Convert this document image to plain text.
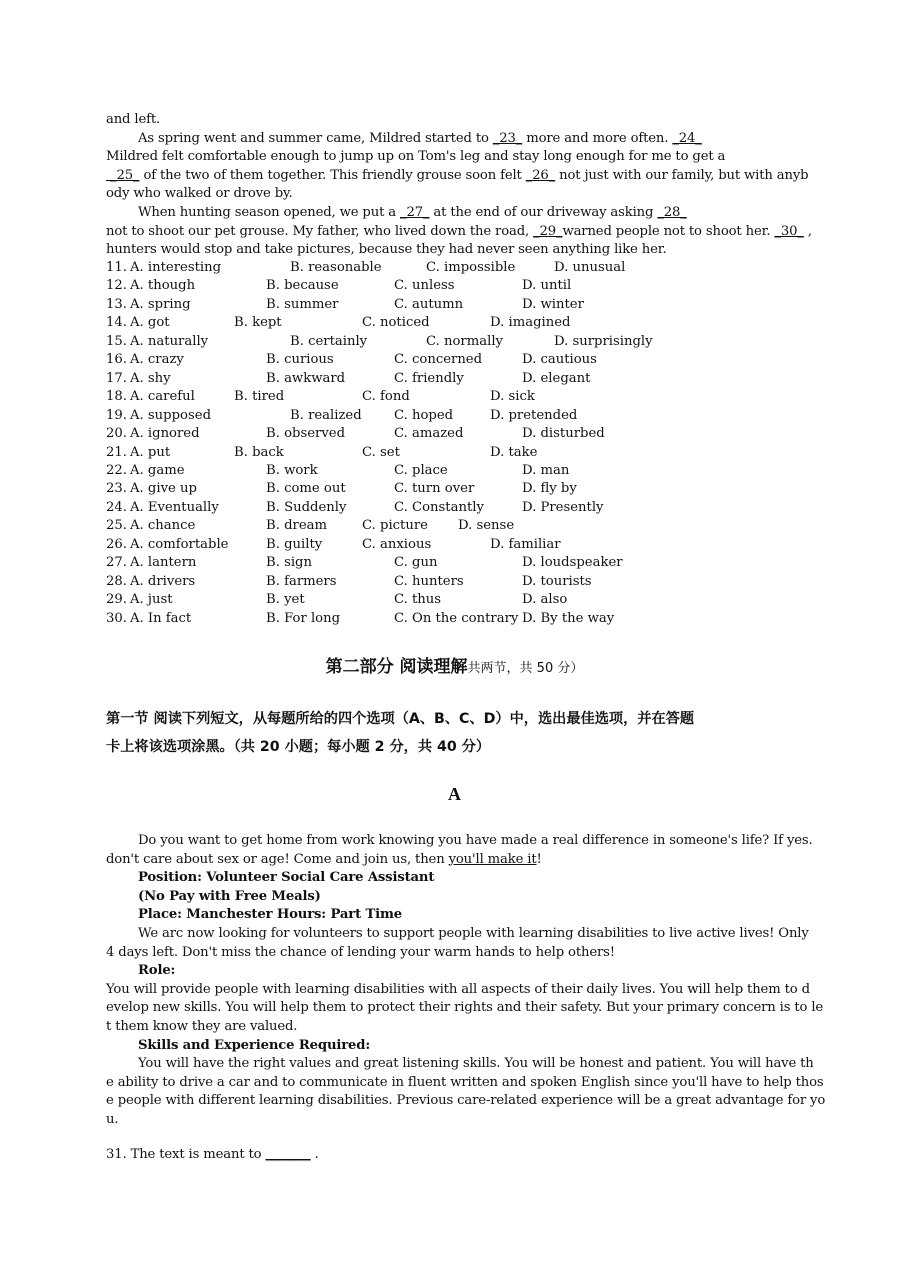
and left.
As spring went and summer came, Mildred started to _23_ more and more often. _24_
Mildred felt comfortable enough to jump up on Tom's leg and stay long enough for me to get a
_25_ of the two of them together. This friendly grouse soon felt _26_ not just with our family, but with anyb
ody who walked or drove by.
When hunting season opened, we put a _27_ at the end of our driveway asking _28_
not to shoot our pet grouse. My father, who lived down the road, _29_warned people not to shoot her. _30_ ,
hunters would stop and take pictures, because they had never seen anything like her.
11. A. interesting	B. reasonable	C. impossible	D. unusual
12. A. though	B. because	C. unless	D. until
13. A. spring	B. summer	C. autumn	D. winter
14. A. got	B. kept	C. noticed	D. imagined
15. A. naturally	B. certainly	C. normally	D. surprisingly
16. A. crazy	B. curious	C. concerned	D. cautious
17. A. shy	B. awkward	C. friendly	D. elegant
18. A. careful	B. tired	C. fond	D. sick
19. A. supposed	B. realized C. hoped	D. pretended
20. A. ignored	B. observed	C. amazed	D. disturbed
21. A. put	B. back	C. set	D. take
22. A. game	B. work	C. place	D. man
23. A. give up	B. come out	C. turn over	D. fly by
24. A. Eventually	B. Suddenly	C. Constantly	D. Presently
25. A. chance	B. dream	C. picture D. sense
26. A. comfortable	B. guilty	C. anxious	D. familiar
27. A. lantern	B. sign	C. gun	D. loudspeaker
28. A. drivers	B. farmers	C. hunters	D. tourists
29. A. just	B. yet	C. thus	D. also
30. A. In fact	B. For long	C. On the contrary D. By the way
第二部分 阅读理解共两节，共 50 分）
第一节 阅读下列短文，从每题所给的四个选项（A、B、C、D）中，选出最佳选项，并在答题
卡上将该选项涂黑。（共 20 小题；每小题 2 分，共 40 分）
A
Do you want to get home from work knowing you have made a real difference in someone's life? If yes.
don't care about sex or age! Come and join us, then you'll make it!
Position: Volunteer Social Care Assistant
(No Pay with Free Meals)
Place: Manchester Hours: Part Time
We arc now looking for volunteers to support people with learning disabilities to live active lives! Only
4 days left. Don't miss the chance of lending your warm hands to help others!
Role:
You will provide people with learning disabilities with all aspects of their daily lives. You will help them to d
evelop new skills. You will help them to protect their rights and their safety. But your primary concern is to le
t them know they are valued.
Skills and Experience Required:
You will have the right values and great listening skills. You will be honest and patient. You will have th
e ability to drive a car and to communicate in fluent written and spoken English since you'll have to help thos
e people with different learning disabilities. Previous care-related experience will be a great advantage for yo
u.
31. The text is meant to _______ .
